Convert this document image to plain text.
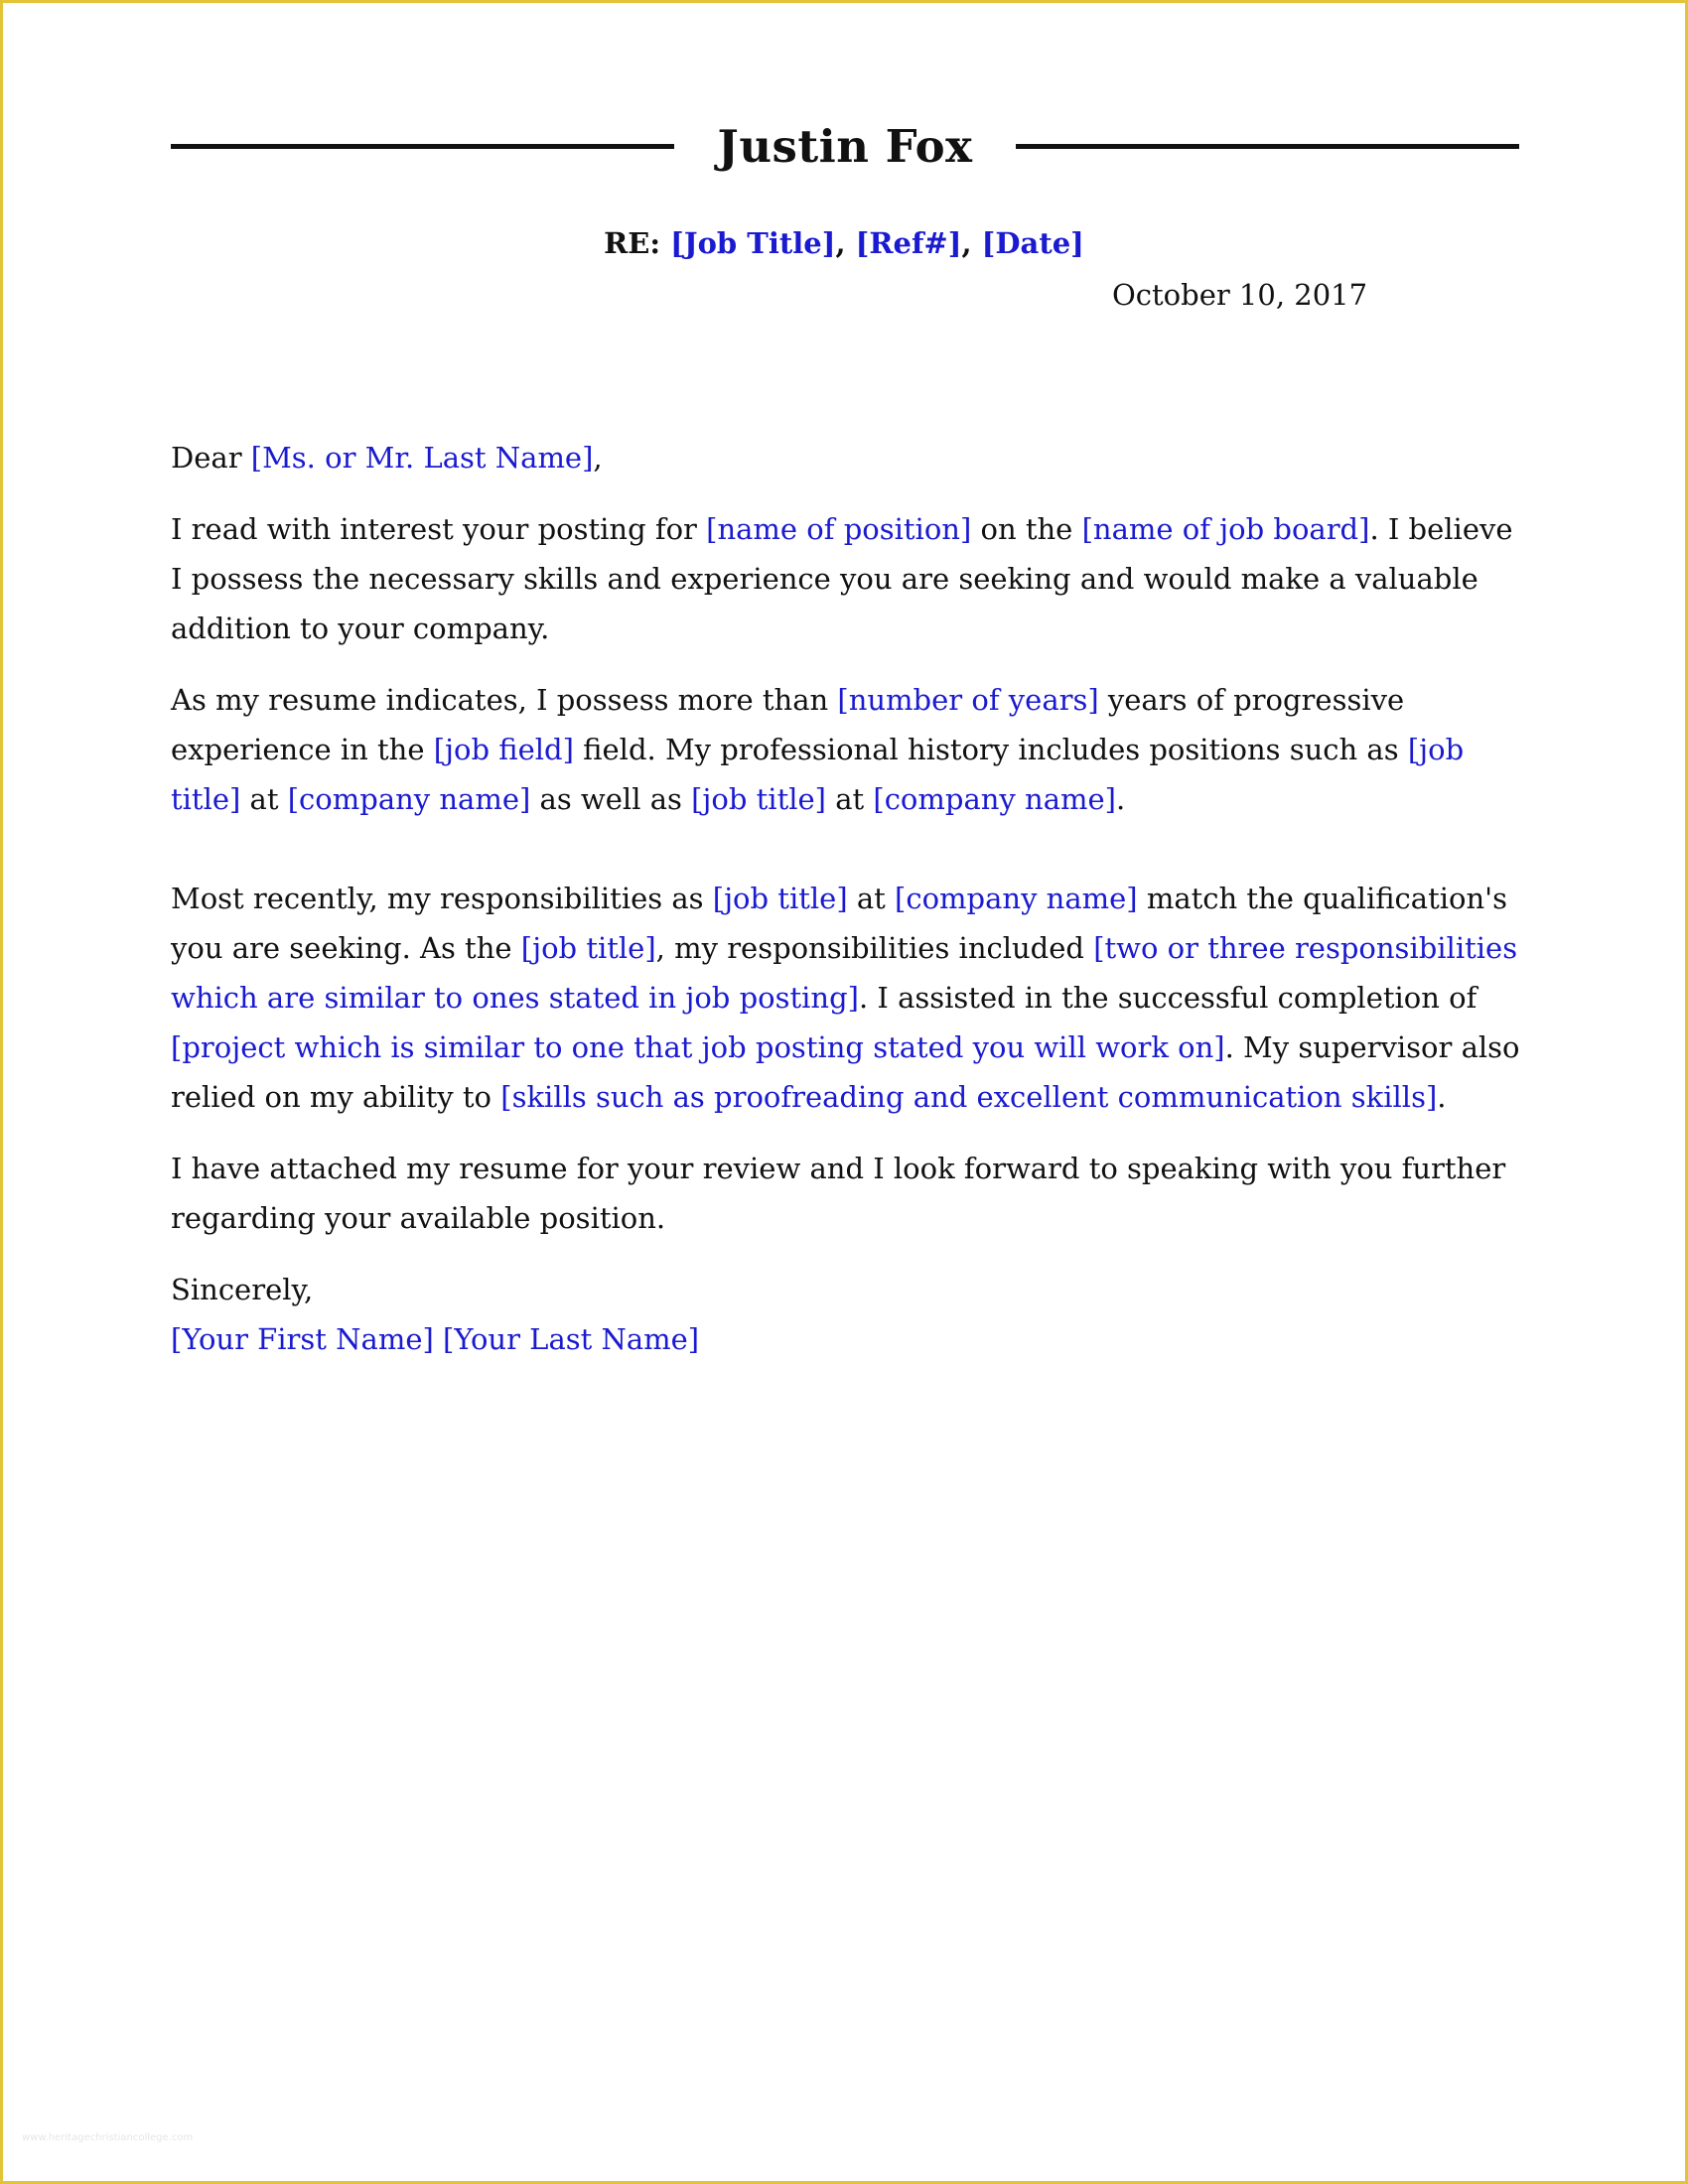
Justin Fox
RE: [Job Title], [Ref#], [Date]
October 10, 2017

Dear [Ms. or Mr. Last Name],

I read with interest your posting for [name of position] on the [name of job board]. I believe I possess the necessary skills and experience you are seeking and would make a valuable addition to your company.

As my resume indicates, I possess more than [number of years] years of progressive experience in the [job field] field. My professional history includes positions such as [job title] at [company name] as well as [job title] at [company name].

Most recently, my responsibilities as [job title] at [company name] match the qualification's you are seeking. As the [job title], my responsibilities included [two or three responsibilities which are similar to ones stated in job posting]. I assisted in the successful completion of [project which is similar to one that job posting stated you will work on]. My supervisor also relied on my ability to [skills such as proofreading and excellent communication skills].

I have attached my resume for your review and I look forward to speaking with you further regarding your available position.

Sincerely,
[Your First Name] [Your Last Name]

www.heritagechristiancollege.com
